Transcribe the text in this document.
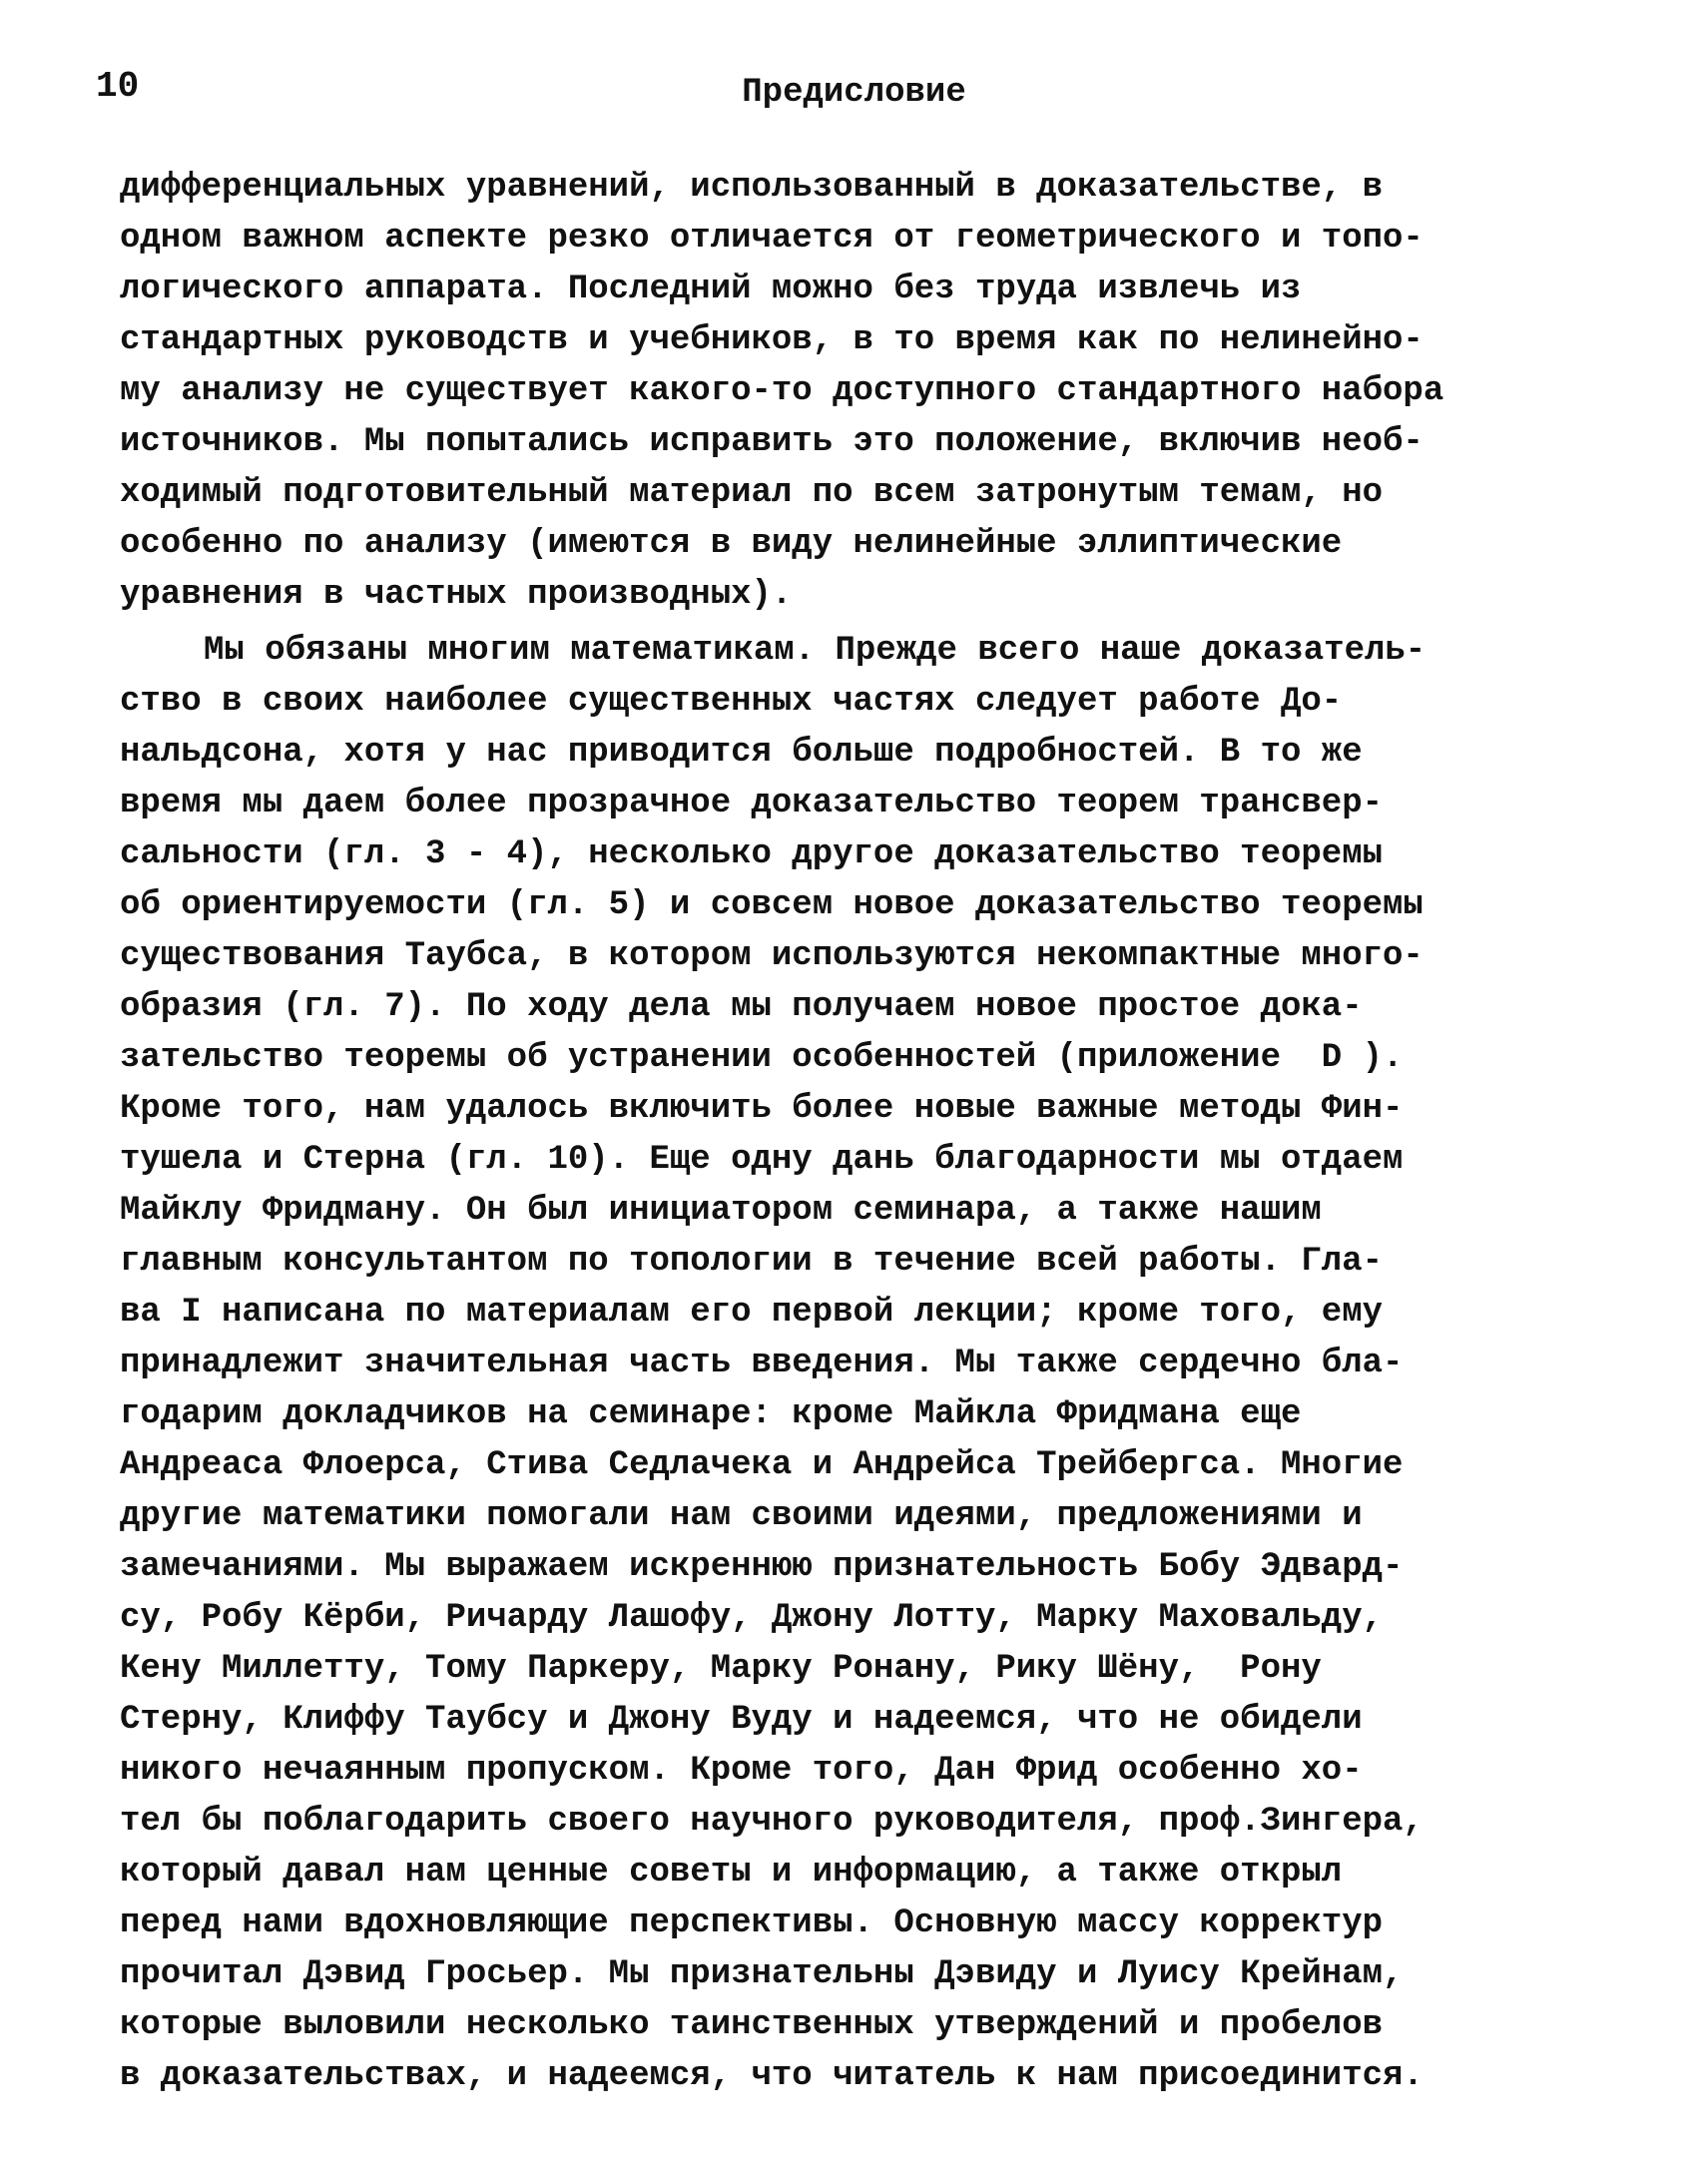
10	Предисловие
дифференциальных уравнений, использованный в доказательстве, в
одном важном аспекте резко отличается от геометрического и топо-
логического аппарата. Последний можно без труда извлечь из
стандартных руководств и учебников, в то время как по нелинейно-
му анализу не существует какого-то доступного стандартного набора
источников. Мы попытались исправить это положение, включив необ-
ходимый подготовительный материал по всем затронутым темам, но
особенно по анализу (имеются в виду нелинейные эллиптические
уравнения в частных производных).
Мы обязаны многим математикам. Прежде всего наше доказатель-
ство в своих наиболее существенных частях следует работе До-
нальдсона, хотя у нас приводится больше подробностей. В то же
время мы даем более прозрачное доказательство теорем трансвер-
сальности (гл. 3 - 4), несколько другое доказательство теоремы
об ориентируемости (гл. 5) и совсем новое доказательство теоремы
существования Таубса, в котором используются некомпактные много-
образия (гл. 7). По ходу дела мы получаем новое простое дока-
зательство теоремы об устранении особенностей (приложение  D ).
Кроме того, нам удалось включить более новые важные методы Фин-
тушела и Стерна (гл. 10). Еще одну дань благодарности мы отдаем
Майклу Фридману. Он был инициатором семинара, а также нашим
главным консультантом по топологии в течение всей работы. Гла-
ва I написана по материалам его первой лекции; кроме того, ему
принадлежит значительная часть введения. Мы также сердечно бла-
годарим докладчиков на семинаре: кроме Майкла Фридмана еще
Андреаса Флоерса, Стива Седлачека и Андрейса Трейбергса. Многие
другие математики помогали нам своими идеями, предложениями и
замечаниями. Мы выражаем искреннюю признательность Бобу Эдвард-
су, Робу Кёрби, Ричарду Лашофу, Джону Лотту, Марку Маховальду,
Кену Миллетту, Тому Паркеру, Марку Ронану, Рику Шёну,  Рону
Стерну, Клиффу Таубсу и Джону Вуду и надеемся, что не обидели
никого нечаянным пропуском. Кроме того, Дан Фрид особенно хо-
тел бы поблагодарить своего научного руководителя, проф.Зингера,
который давал нам ценные советы и информацию, а также открыл
перед нами вдохновляющие перспективы. Основную массу корректур
прочитал Дэвид Гросьер. Мы признательны Дэвиду и Луису Крейнам,
которые выловили несколько таинственных утверждений и пробелов
в доказательствах, и надеемся, что читатель к нам присоединится.
